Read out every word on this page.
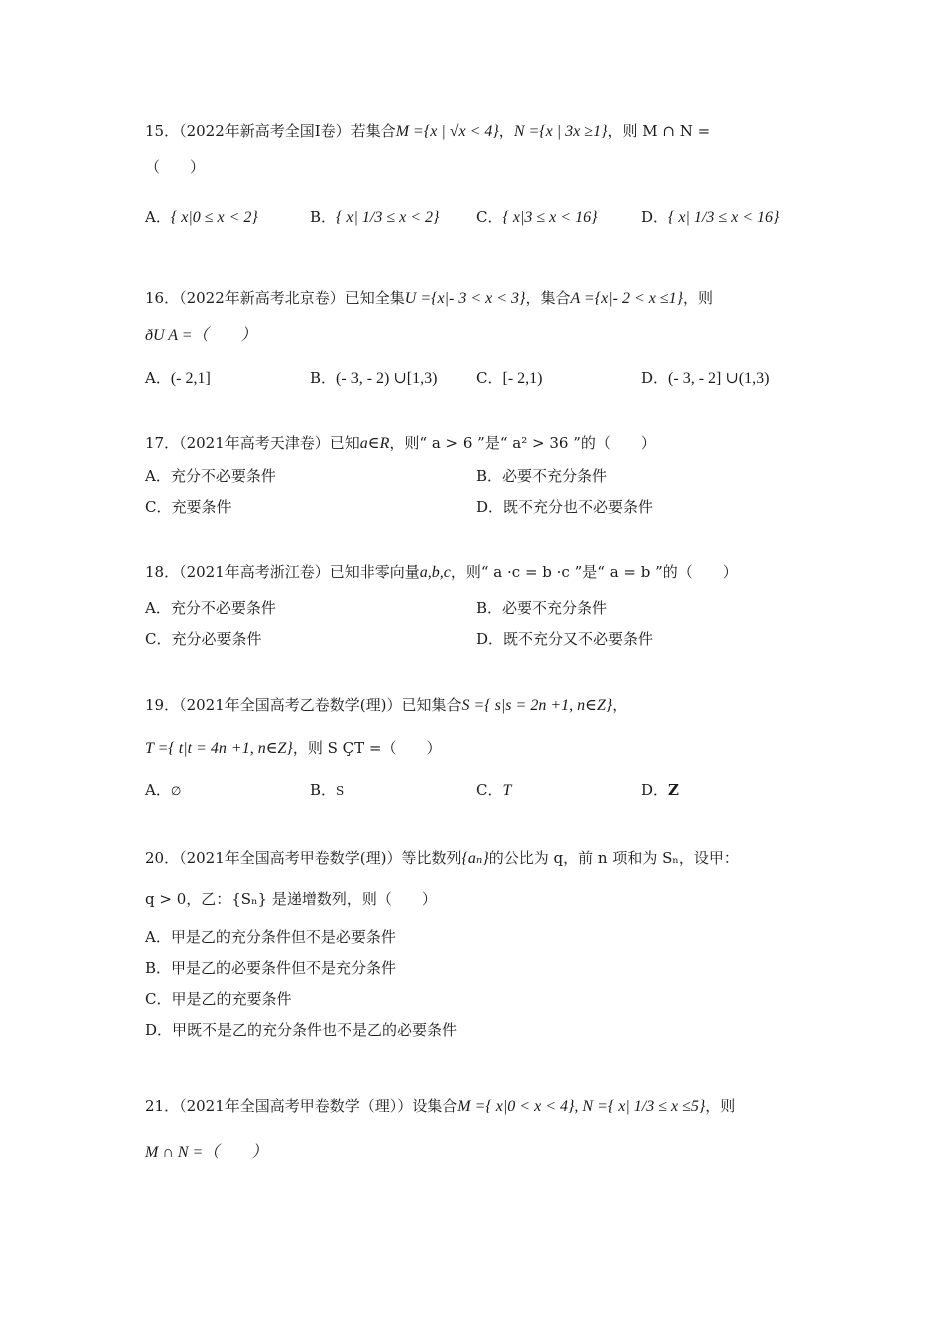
15．（2022年新高考全国Ⅰ卷）若集合M ={x | √x < 4}，N ={x | 3x ≥1}，则 M ∩ N =
（　　）
A．{ x|0 ≤ x < 2}	B．{ x| 1/3 ≤ x < 2} C．{ x|3 ≤ x < 16}	D．{ x| 1/3 ≤ x < 16}
16．（2022年新高考北京卷）已知全集U ={x|- 3 < x < 3}，集合A ={x|- 2 < x ≤1}，则
ðU A =（　　）
A．(- 2,1]	B．(- 3, - 2) ∪[1,3)	C．[- 2,1)	D．(- 3, - 2] ∪(1,3)
17．（2021年高考天津卷）已知a∈R，则“ a > 6 ”是“ a² > 36 ”的（　　）
A．充分不必要条件	B．必要不充分条件
C．充要条件	D．既不充分也不必要条件
18．（2021年高考浙江卷）已知非零向量a,b,c，则“ a ·c = b ·c ”是“ a = b ”的（　　）
A．充分不必要条件	B．必要不充分条件
C．充分必要条件	D．既不充分又不必要条件
19．（2021年全国高考乙卷数学(理)）已知集合S ={ s|s = 2n +1, n∈Z}，
T ={ t|t = 4n +1, n∈Z}，则 S ÇT =（　　）
A．∅	B．S	C．T	D．Z
20．（2021年全国高考甲卷数学(理)）等比数列{aₙ}的公比为 q，前 n 项和为 Sₙ，设甲：
q > 0，乙：{Sₙ} 是递增数列，则（　　）
A．甲是乙的充分条件但不是必要条件
B．甲是乙的必要条件但不是充分条件
C．甲是乙的充要条件
D．甲既不是乙的充分条件也不是乙的必要条件
21．（2021年全国高考甲卷数学（理））设集合M ={ x|0 < x < 4}, N ={ x| 1/3 ≤ x ≤5}，则
M ∩ N =（　　）
